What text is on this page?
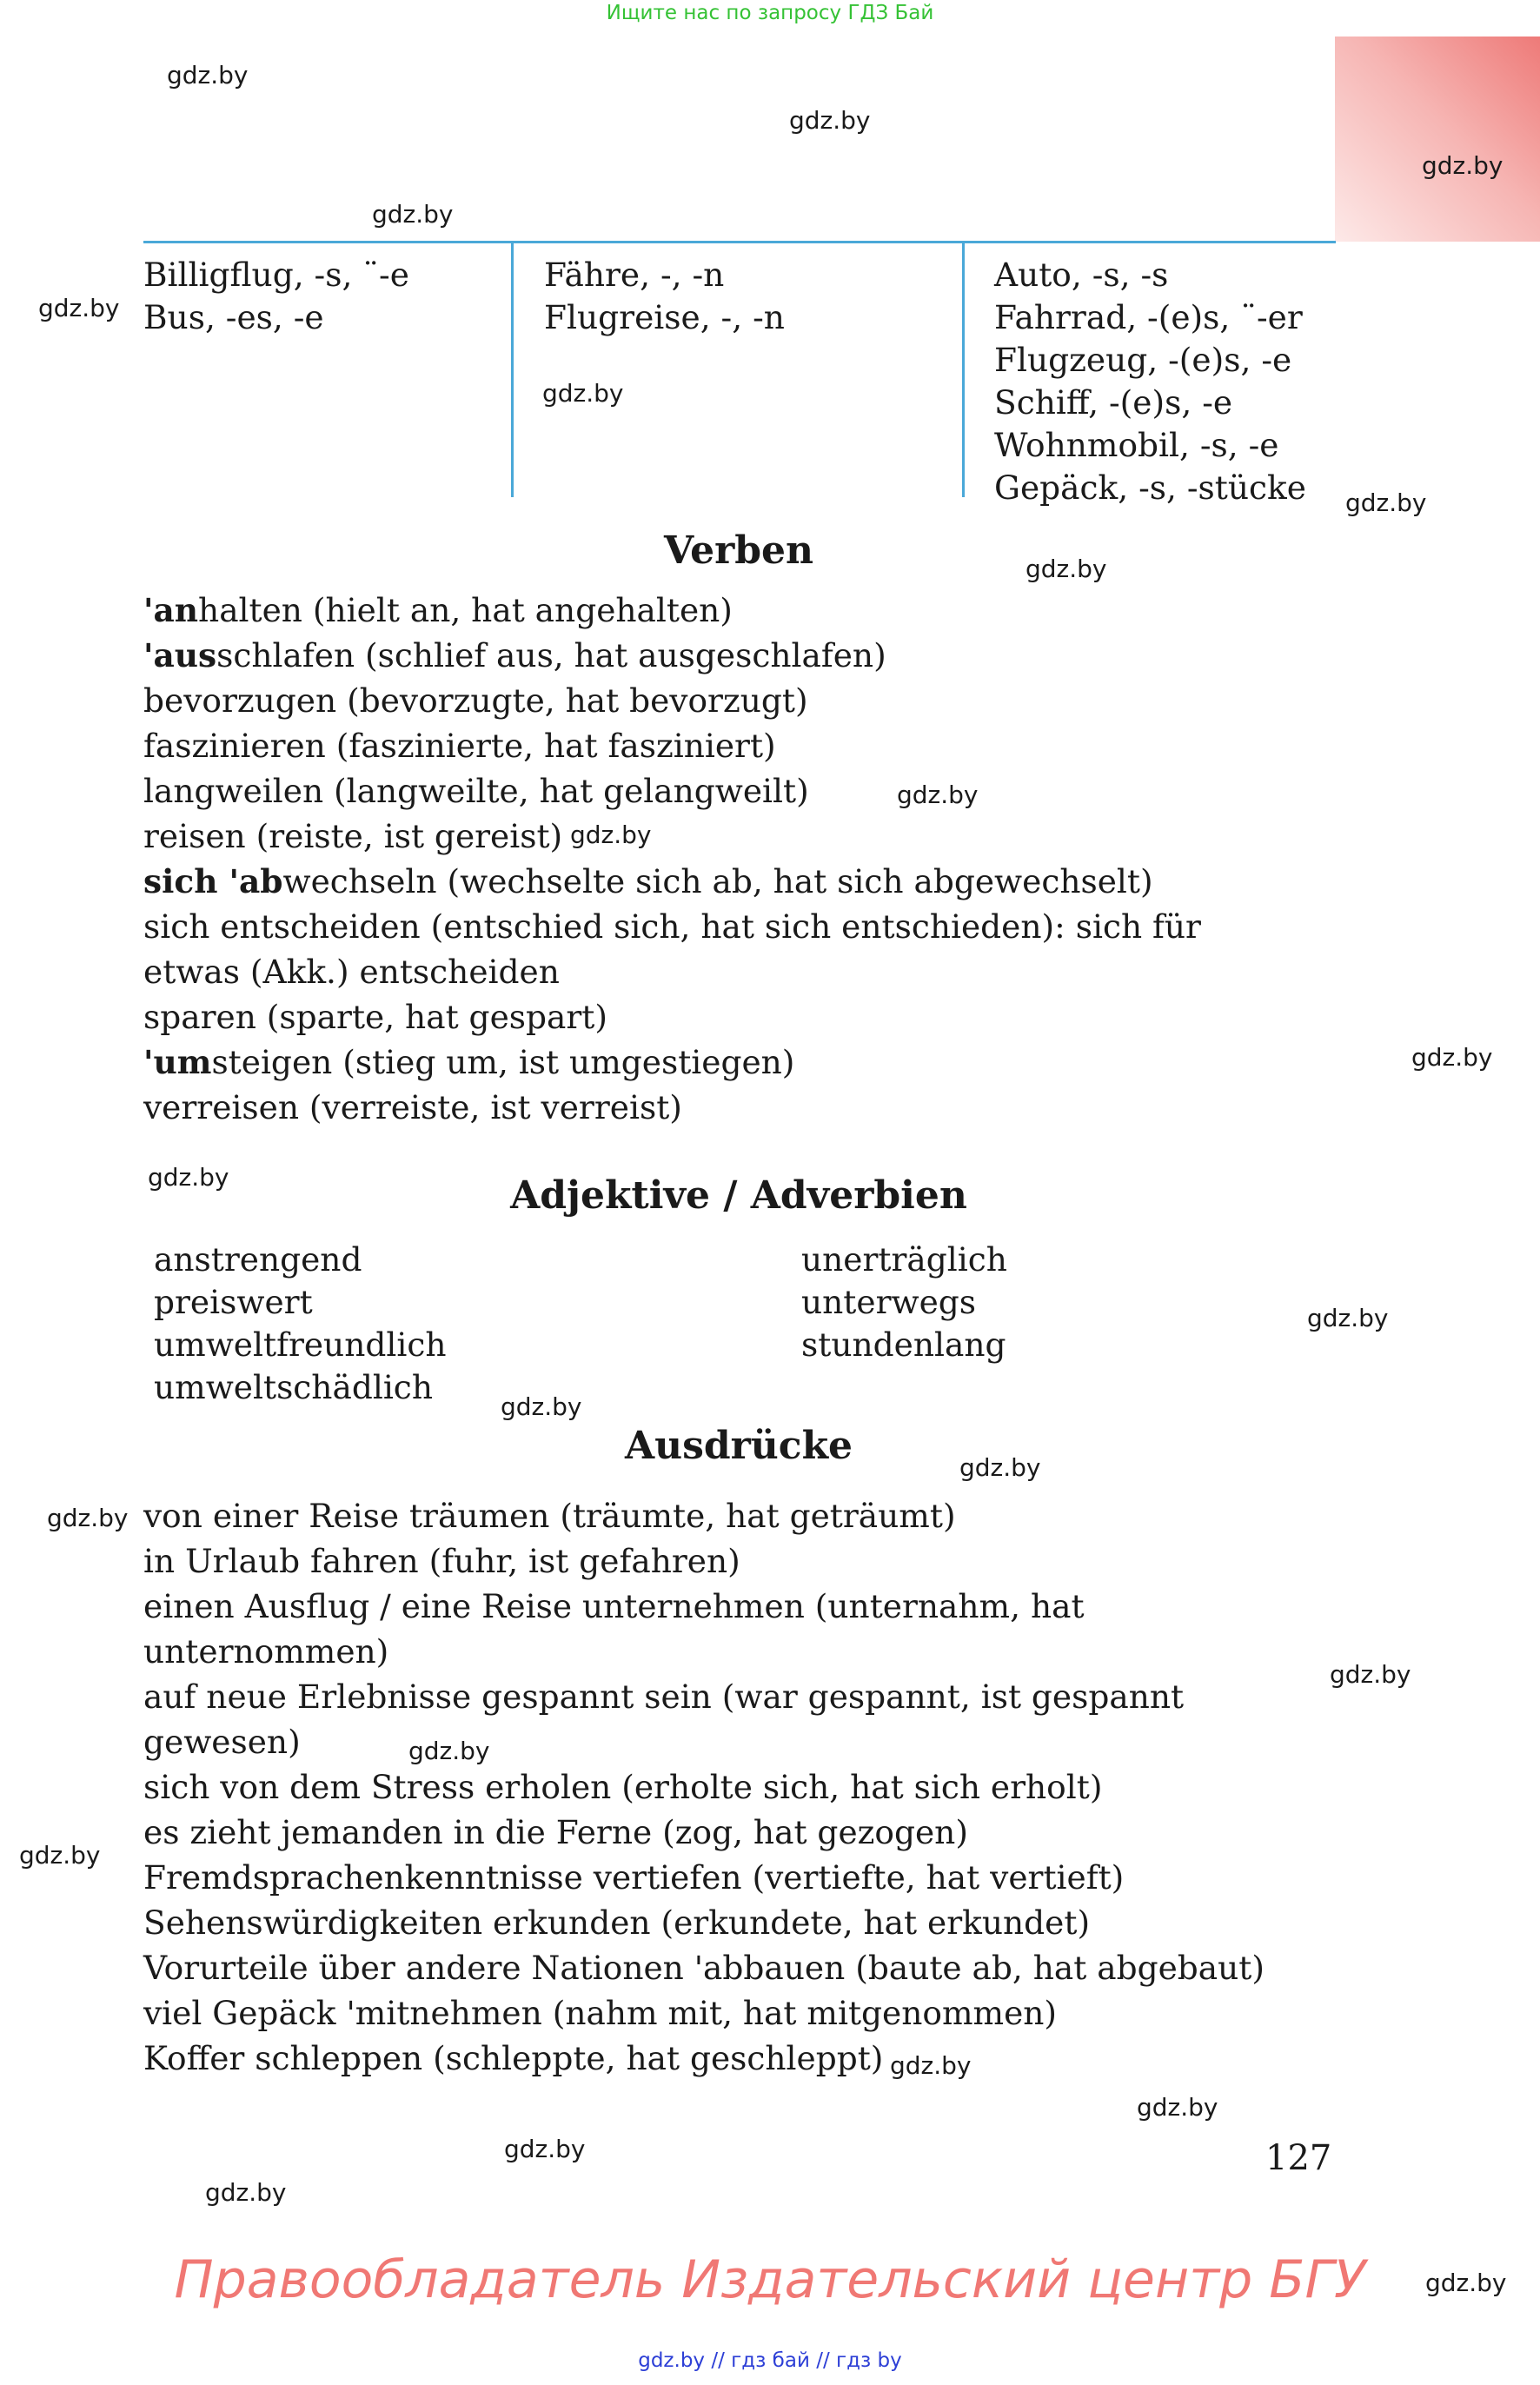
Ищите нас по запросу ГДЗ Бай
gdz.by
gdz.by
gdz.by
gdz.by
gdz.by
gdz.by
gdz.by
gdz.by
gdz.by
gdz.by
gdz.by
gdz.by
gdz.by
gdz.by
gdz.by
gdz.by
gdz.by
gdz.by
gdz.by
gdz.by
gdz.by
gdz.by
gdz.by
gdz.by
Billigflug, -s, ¨-e
Bus, -es, -e
Fähre, -, -n
Flugreise, -, -n
Auto, -s, -s
Fahrrad, -(e)s, ¨-er
Flugzeug, -(e)s, -e
Schiff, -(e)s, -e
Wohnmobil, -s, -e
Gepäck, -s, -stücke
Verben
'anhalten (hielt an, hat angehalten)
'ausschlafen (schlief aus, hat ausgeschlafen)
bevorzugen (bevorzugte, hat bevorzugt)
faszinieren (faszinierte, hat fasziniert)
langweilen (langweilte, hat gelangweilt)
reisen (reiste, ist gereist)
sich 'abwechseln (wechselte sich ab, hat sich abgewechselt)
sich entscheiden (entschied sich, hat sich entschieden): sich für
etwas (Akk.) entscheiden
sparen (sparte, hat gespart)
'umsteigen (stieg um, ist umgestiegen)
verreisen (verreiste, ist verreist)
Adjektive / Adverbien
anstrengend
preiswert
umweltfreundlich
umweltschädlich
unerträglich
unterwegs
stundenlang
Ausdrücke
von einer Reise träumen (träumte, hat geträumt)
in Urlaub fahren (fuhr, ist gefahren)
einen Ausflug / eine Reise unternehmen (unternahm, hat
unternommen)
auf neue Erlebnisse gespannt sein (war gespannt, ist gespannt
gewesen)
sich von dem Stress erholen (erholte sich, hat sich erholt)
es zieht jemanden in die Ferne (zog, hat gezogen)
Fremdsprachenkenntnisse vertiefen (vertiefte, hat vertieft)
Sehenswürdigkeiten erkunden (erkundete, hat erkundet)
Vorurteile über andere Nationen 'abbauen (baute ab, hat abgebaut)
viel Gepäck 'mitnehmen (nahm mit, hat mitgenommen)
Koffer schleppen (schleppte, hat geschleppt)
127
Правообладатель Издательский центр БГУ
gdz.by // гдз бай // гдз by
